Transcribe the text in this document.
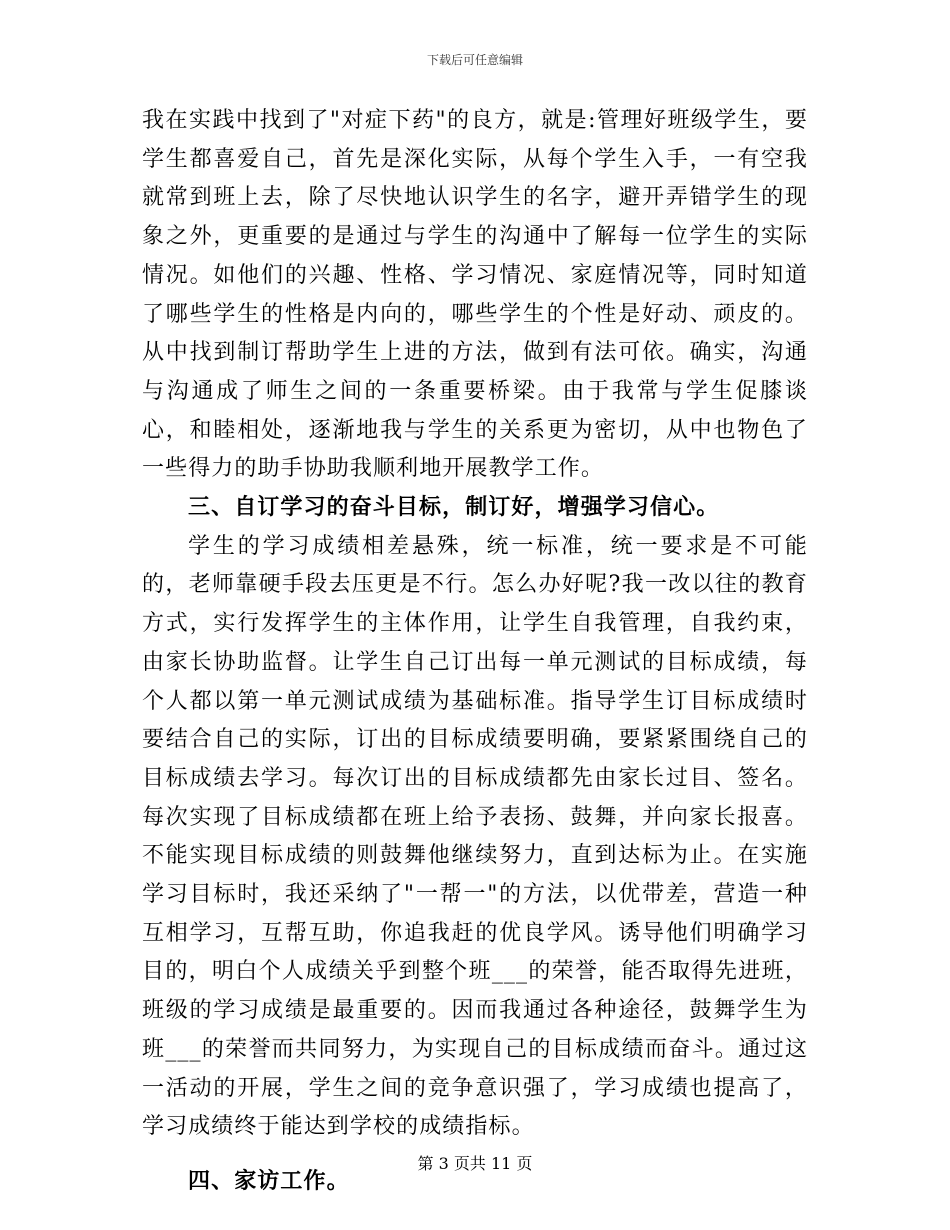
下载后可任意编辑

我在实践中找到了"对症下药"的良方，就是:管理好班级学生，要学生都喜爱自己，首先是深化实际，从每个学生入手，一有空我就常到班上去，除了尽快地认识学生的名字，避开弄错学生的现象之外，更重要的是通过与学生的沟通中了解每一位学生的实际情况。如他们的兴趣、性格、学习情况、家庭情况等，同时知道了哪些学生的性格是内向的，哪些学生的个性是好动、顽皮的。从中找到制订帮助学生上进的方法，做到有法可依。确实，沟通与沟通成了师生之间的一条重要桥梁。由于我常与学生促膝谈心，和睦相处，逐渐地我与学生的关系更为密切，从中也物色了一些得力的助手协助我顺利地开展教学工作。

三、自订学习的奋斗目标，制订好，增强学习信心。

学生的学习成绩相差悬殊，统一标准，统一要求是不可能的，老师靠硬手段去压更是不行。怎么办好呢?我一改以往的教育方式，实行发挥学生的主体作用，让学生自我管理，自我约束，由家长协助监督。让学生自己订出每一单元测试的目标成绩，每个人都以第一单元测试成绩为基础标准。指导学生订目标成绩时要结合自己的实际，订出的目标成绩要明确，要紧紧围绕自己的目标成绩去学习。每次订出的目标成绩都先由家长过目、签名。每次实现了目标成绩都在班上给予表扬、鼓舞，并向家长报喜。不能实现目标成绩的则鼓舞他继续努力，直到达标为止。在实施学习目标时，我还采纳了"一帮一"的方法，以优带差，营造一种互相学习，互帮互助，你追我赶的优良学风。诱导他们明确学习目的，明白个人成绩关乎到整个班___的荣誉，能否取得先进班，班级的学习成绩是最重要的。因而我通过各种途径，鼓舞学生为班___的荣誉而共同努力，为实现自己的目标成绩而奋斗。通过这一活动的开展，学生之间的竞争意识强了，学习成绩也提高了，学习成绩终于能达到学校的成绩指标。

四、家访工作。
第 3 页共 11 页
